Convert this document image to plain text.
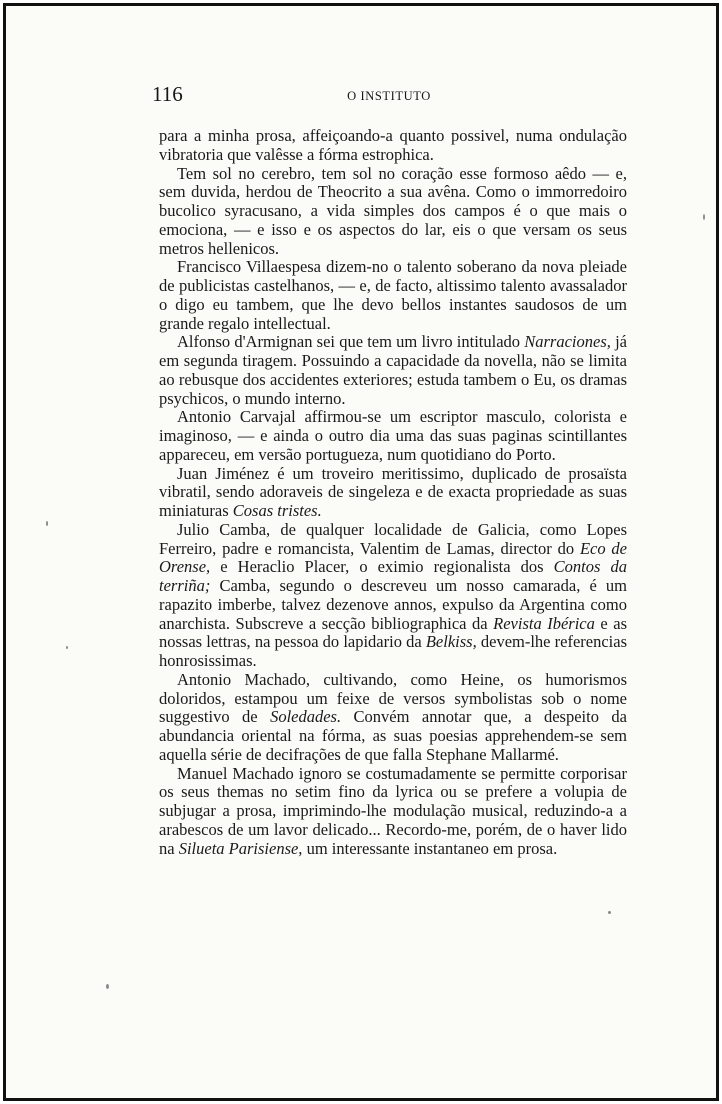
116	O INSTITUTO

para a minha prosa, affeiçoando-a quanto possivel, numa ondulação vibratoria que valêsse a fórma estrophica.

Tem sol no cerebro, tem sol no coração esse formoso aêdo — e, sem duvida, herdou de Theocrito a sua avêna. Como o immorredoiro bucolico syracusano, a vida simples dos campos é o que mais o emociona, — e isso e os aspectos do lar, eis o que versam os seus metros hellenicos.

Francisco Villaespesa dizem-no o talento soberano da nova pleiade de publicistas castelhanos, — e, de facto, altissimo talento avassalador o digo eu tambem, que lhe devo bellos instantes saudosos de um grande regalo intellectual.

Alfonso d'Armignan sei que tem um livro intitulado Narraciones, já em segunda tiragem. Possuindo a capacidade da novella, não se limita ao rebusque dos accidentes exteriores; estuda tambem o Eu, os dramas psychicos, o mundo interno.

Antonio Carvajal affirmou-se um escriptor masculo, colorista e imaginoso, — e ainda o outro dia uma das suas paginas scintillantes appareceu, em versão portugueza, num quotidiano do Porto.

Juan Jiménez é um troveiro meritissimo, duplicado de prosaïsta vibratil, sendo adoraveis de singeleza e de exacta propriedade as suas miniaturas Cosas tristes.

Julio Camba, de qualquer localidade de Galicia, como Lopes Ferreiro, padre e romancista, Valentim de Lamas, director do Eco de Orense, e Heraclio Placer, o eximio regionalista dos Contos da terriña; Camba, segundo o descreveu um nosso camarada, é um rapazito imberbe, talvez dezenove annos, expulso da Argentina como anarchista. Subscreve a secção bibliographica da Revista Ibérica e as nossas lettras, na pessoa do lapidario da Belkiss, devem-lhe referencias honrosissimas.

Antonio Machado, cultivando, como Heine, os humorismos doloridos, estampou um feixe de versos symbolistas sob o nome suggestivo de Soledades. Convém annotar que, a despeito da abundancia oriental na fórma, as suas poesias apprehendem-se sem aquella série de decifrações de que falla Stephane Mallarmé.

Manuel Machado ignoro se costumadamente se permitte corporisar os seus themas no setim fino da lyrica ou se prefere a volupia de subjugar a prosa, imprimindo-lhe modulação musical, reduzindo-a a arabescos de um lavor delicado... Recordo-me, porém, de o haver lido na Silueta Parisiense, um interessante instantaneo em prosa.
